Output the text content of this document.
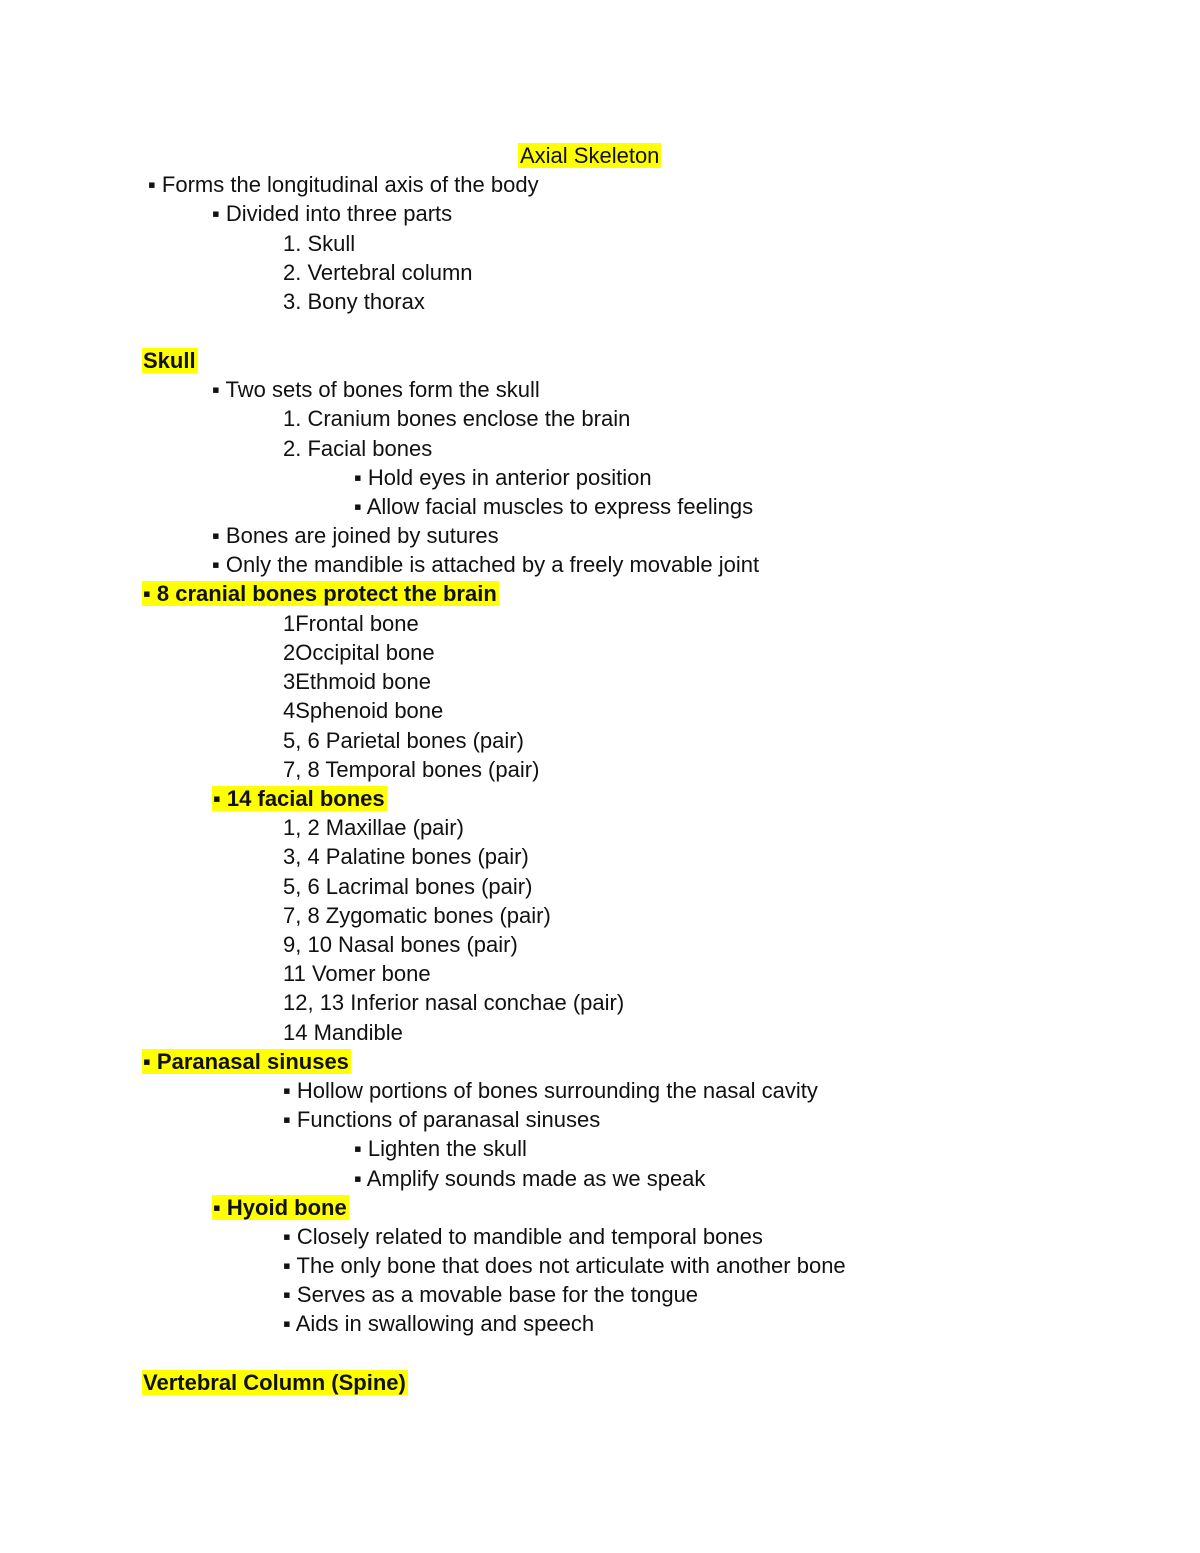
Axial Skeleton
▪ Forms the longitudinal axis of the body
▪ Divided into three parts
1. Skull
2. Vertebral column
3. Bony thorax
Skull
▪ Two sets of bones form the skull
1. Cranium bones enclose the brain
2. Facial bones
▪ Hold eyes in anterior position
▪ Allow facial muscles to express feelings
▪ Bones are joined by sutures
▪ Only the mandible is attached by a freely movable joint
▪ 8 cranial bones protect the brain
1Frontal bone
2Occipital bone
3Ethmoid bone
4Sphenoid bone
5, 6 Parietal bones (pair)
7, 8 Temporal bones (pair)
▪ 14 facial bones
1, 2 Maxillae (pair)
3, 4 Palatine bones (pair)
5, 6 Lacrimal bones (pair)
7, 8 Zygomatic bones (pair)
9, 10 Nasal bones (pair)
11 Vomer bone
12, 13 Inferior nasal conchae (pair)
14 Mandible
▪ Paranasal sinuses
▪ Hollow portions of bones surrounding the nasal cavity
▪ Functions of paranasal sinuses
▪ Lighten the skull
▪ Amplify sounds made as we speak
▪ Hyoid bone
▪ Closely related to mandible and temporal bones
▪ The only bone that does not articulate with another bone
▪ Serves as a movable base for the tongue
▪ Aids in swallowing and speech
Vertebral Column (Spine)
